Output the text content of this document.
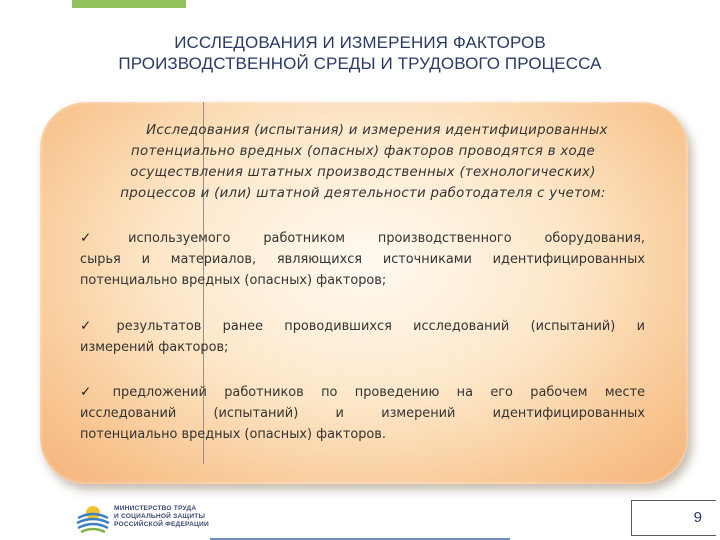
ИССЛЕДОВАНИЯ И ИЗМЕРЕНИЯ ФАКТОРОВ
ПРОИЗВОДСТВЕННОЙ СРЕДЫ И ТРУДОВОГО ПРОЦЕССА
Исследования (испытания) и измерения идентифицированных
потенциально вредных (опасных) факторов проводятся в ходе
осуществления штатных производственных (технологических)
процессов и (или) штатной деятельности работодателя с учетом:
✓ используемого работником производственного оборудования,
сырья и материалов, являющихся источниками идентифицированных
потенциально вредных (опасных) факторов;
✓ результатов ранее проводившихся исследований (испытаний) и
измерений факторов;
✓ предложений работников по проведению на его рабочем месте
исследований (испытаний) и измерений идентифицированных
потенциально вредных (опасных) факторов.
МИНИСТЕРСТВО ТРУДА
И СОЦИАЛЬНОЙ ЗАЩИТЫ
РОССИЙСКОЙ ФЕДЕРАЦИИ	9
